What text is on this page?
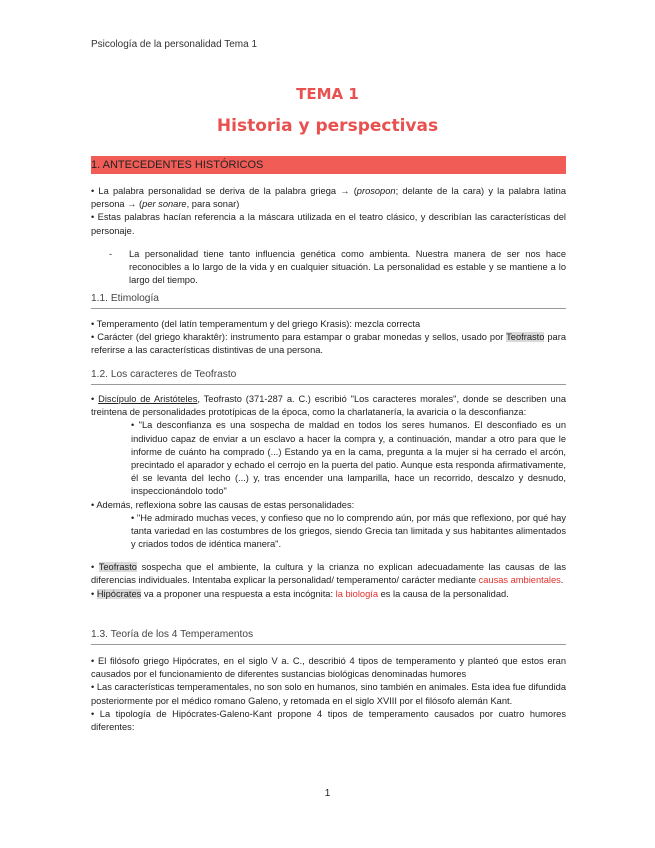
Psicología de la personalidad Tema 1
TEMA 1
Historia y perspectivas
1. ANTECEDENTES HISTÓRICOS

• La palabra personalidad se deriva de la palabra griega → (prosopon; delante de la cara) y la palabra latina persona → (per sonare, para sonar)

• Estas palabras hacían referencia a la máscara utilizada en el teatro clásico, y describían las características del personaje.

- La personalidad tiene tanto influencia genética como ambienta. Nuestra manera de ser nos hace reconocibles a lo largo de la vida y en cualquier situación. La personalidad es estable y se mantiene a lo largo del tiempo.

1.1. Etimología

• Temperamento (del latín temperamentum y del griego Krasis): mezcla correcta

• Carácter (del griego kharaktêr): instrumento para estampar o grabar monedas y sellos, usado por Teofrasto para referirse a las características distintivas de una persona.

1.2. Los caracteres de Teofrasto

• Discípulo de Aristóteles, Teofrasto (371-287 a. C.) escribió "Los caracteres morales", donde se describen una treintena de personalidades prototípicas de la época, como la charlatanería, la avaricia o la desconfianza:

• "La desconfianza es una sospecha de maldad en todos los seres humanos. El desconfiado es un individuo capaz de enviar a un esclavo a hacer la compra y, a continuación, mandar a otro para que le informe de cuánto ha comprado (...) Estando ya en la cama, pregunta a la mujer si ha cerrado el arcón, precintado el aparador y echado el cerrojo en la puerta del patio. Aunque esta responda afirmativamente, él se levanta del lecho (...) y, tras encender una lamparilla, hace un recorrido, descalzo y desnudo, inspeccionándolo todo"

• Además, reflexiona sobre las causas de estas personalidades:

• "He admirado muchas veces, y confieso que no lo comprendo aún, por más que reflexiono, por qué hay tanta variedad en las costumbres de los griegos, siendo Grecia tan limitada y sus habitantes alimentados y criados todos de idéntica manera".

• Teofrasto sospecha que el ambiente, la cultura y la crianza no explican adecuadamente las causas de las diferencias individuales. Intentaba explicar la personalidad/ temperamento/ carácter mediante causas ambientales.

• Hipócrates va a proponer una respuesta a esta incógnita: la biología es la causa de la personalidad.

1.3. Teoría de los 4 Temperamentos

• El filósofo griego Hipócrates, en el siglo V a. C., describió 4 tipos de temperamento y planteó que estos eran causados por el funcionamiento de diferentes sustancias biológicas denominadas humores

• Las características temperamentales, no son solo en humanos, sino también en animales. Esta idea fue difundida posteriormente por el médico romano Galeno, y retomada en el siglo XVIII por el filósofo alemán Kant.

• La tipología de Hipócrates-Galeno-Kant propone 4 tipos de temperamento causados por cuatro humores diferentes:

1
